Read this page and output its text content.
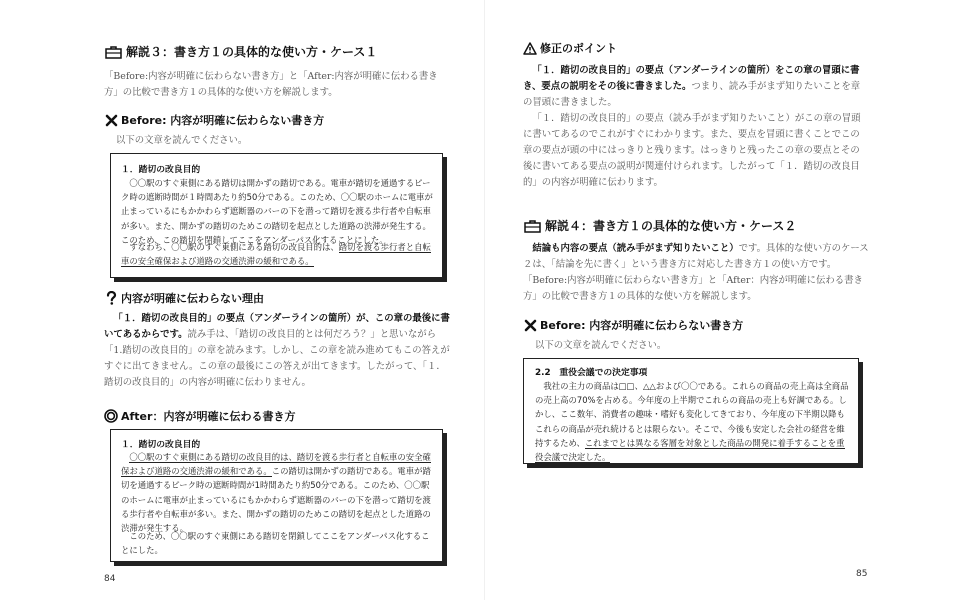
解説３：書き方１の具体的な使い方・ケース１

「Before:内容が明確に伝わらない書き方」と「After:内容が明確に伝わる書き方」の比較で書き方１の具体的な使い方を解説します。

Before: 内容が明確に伝わらない書き方

以下の文章を読んでください。

１．踏切の改良目的

〇〇駅のすぐ東側にある踏切は開かずの踏切である。電車が踏切を通過するピーク時の遮断時間が１時間あたり約50分である。このため、〇〇駅のホームに電車が止まっているにもかかわらず遮断器のバーの下を潜って踏切を渡る歩行者や自転車が多い。また、開かずの踏切のためこの踏切を起点とした道路の渋滞が発生する。このため、この踏切を閉鎖してここをアンダーパス化することにした。

すなわち、〇〇駅のすぐ東側にある踏切の改良目的は、踏切を渡る歩行者と自転車の安全確保および道路の交通渋滞の緩和である。

内容が明確に伝わらない理由

「１．踏切の改良目的」の要点（アンダーラインの箇所）が、この章の最後に書いてあるからです。読み手は、「踏切の改良目的とは何だろう？」と思いながら「1.踏切の改良目的」の章を読みます。しかし、この章を読み進めてもこの答えがすぐに出てきません。この章の最後にこの答えが出てきます。したがって、「１．踏切の改良目的」の内容が明確に伝わりません。

After：内容が明確に伝わる書き方
１．踏切の改良目的

〇〇駅のすぐ東側にある踏切の改良目的は、踏切を渡る歩行者と自転車の安全確保および道路の交通渋滞の緩和である。この踏切は開かずの踏切である。電車が踏切を通過するピーク時の遮断時間が1時間あたり約50分である。このため、〇〇駅のホームに電車が止まっているにもかかわらず遮断器のバーの下を潜って踏切を渡る歩行者や自転車が多い。また、開かずの踏切のためこの踏切を起点とした道路の渋滞が発生する。

このため、〇〇駅のすぐ東側にある踏切を閉鎖してここをアンダーパス化することにした。

84
修正のポイント

「１．踏切の改良目的」の要点（アンダーラインの箇所）をこの章の冒頭に書き、要点の説明をその後に書きました。つまり、読み手がまず知りたいことを章の冒頭に書きました。

「１．踏切の改良目的」の要点（読み手がまず知りたいこと）がこの章の冒頭に書いてあるのでこれがすぐにわかります。また、要点を冒頭に書くことでこの章の要点が頭の中にはっきりと残ります。はっきりと残ったこの章の要点とその後に書いてある要点の説明が関連付けられます。したがって「１．踏切の改良目的」の内容が明確に伝わります。

解説４：書き方１の具体的な使い方・ケース２

結論も内容の要点（読み手がまず知りたいこと）です。具体的な使い方のケース２は、「結論を先に書く」という書き方に対応した書き方１の使い方です。「Before:内容が明確に伝わらない書き方」と「After：内容が明確に伝わる書き方」の比較で書き方１の具体的な使い方を解説します。

Before: 内容が明確に伝わらない書き方

以下の文章を読んでください。

2.2　重役会議での決定事項

我社の主力の商品は□□、△△および〇〇である。これらの商品の売上高は全商品の売上高の70%を占める。今年度の上半期でこれらの商品の売上も好調である。しかし、ここ数年、消費者の趣味・嗜好も変化してきており、今年度の下半期以降もこれらの商品が売れ続けるとは限らない。そこで、今後も安定した会社の経営を維持するため、これまでとは異なる客層を対象とした商品の開発に着手することを重役会議で決定した。

85
